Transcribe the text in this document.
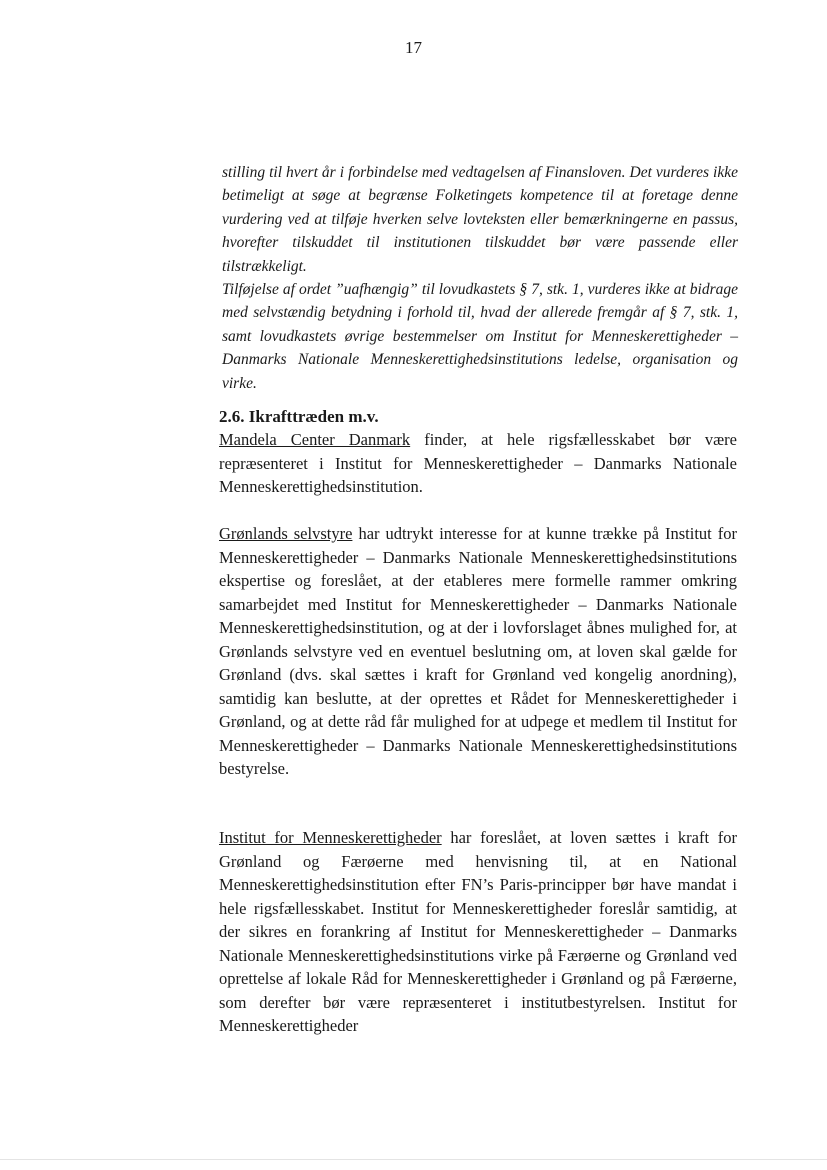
17

stilling til hvert år i forbindelse med vedtagelsen af Finansloven. Det vurderes ikke betimeligt at søge at begrænse Folketingets kompetence til at foretage denne vurdering ved at tilføje hverken selve lovteksten eller bemærkningerne en passus, hvorefter tilskuddet til institutionen tilskuddet bør være passende eller tilstrækkeligt.

Tilføjelse af ordet ”uafhængig” til lovudkastets § 7, stk. 1, vurderes ikke at bidrage med selvstændig betydning i forhold til, hvad der allerede fremgår af § 7, stk. 1, samt lovudkastets øvrige bestemmelser om Institut for Menneskerettigheder – Danmarks Nationale Menneskerettighedsinstitutions ledelse, organisation og virke.

2.6. Ikrafttræden m.v.

Mandela Center Danmark finder, at hele rigsfællesskabet bør være repræsenteret i Institut for Menneskerettigheder – Danmarks Nationale Menneskerettighedsinstitution.

Grønlands selvstyre har udtrykt interesse for at kunne trække på Institut for Menneskerettigheder – Danmarks Nationale Menneskerettighedsinstitutions ekspertise og foreslået, at der etableres mere formelle rammer omkring samarbejdet med Institut for Menneskerettigheder – Danmarks Nationale Menneskerettighedsinstitution, og at der i lovforslaget åbnes mulighed for, at Grønlands selvstyre ved en eventuel beslutning om, at loven skal gælde for Grønland (dvs. skal sættes i kraft for Grønland ved kongelig anordning), samtidig kan beslutte, at der oprettes et Rådet for Menneskerettigheder i Grønland, og at dette råd får mulighed for at udpege et medlem til Institut for Menneskerettigheder – Danmarks Nationale Menneskerettighedsinstitutions bestyrelse.

Institut for Menneskerettigheder har foreslået, at loven sættes i kraft for Grønland og Færøerne med henvisning til, at en National Menneskerettighedsinstitution efter FN’s Paris-principper bør have mandat i hele rigsfællesskabet. Institut for Menneskerettigheder foreslår samtidig, at der sikres en forankring af Institut for Menneskerettigheder – Danmarks Nationale Menneskerettighedsinstitutions virke på Færøerne og Grønland ved oprettelse af lokale Råd for Menneskerettigheder i Grønland og på Færøerne, som derefter bør være repræsenteret i institutbestyrelsen. Institut for Menneskerettigheder
